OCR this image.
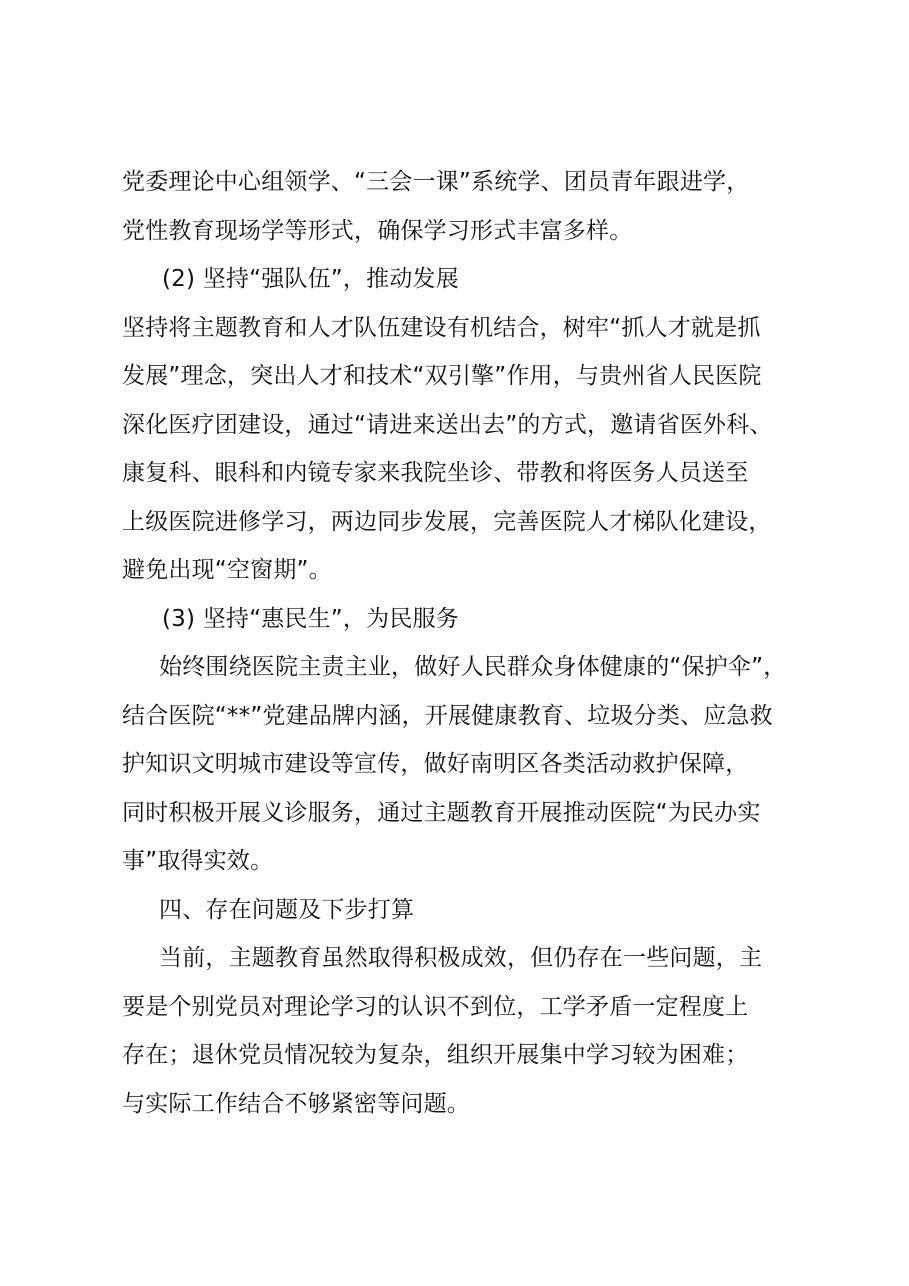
党委理论中心组领学、“三会一课”系统学、团员青年跟进学，
党性教育现场学等形式，确保学习形式丰富多样。
(2) 坚持“强队伍”，推动发展
坚持将主题教育和人才队伍建设有机结合，树牢“抓人才就是抓
发展”理念，突出人才和技术“双引擎”作用，与贵州省人民医院
深化医疗团建设，通过“请进来送出去”的方式，邀请省医外科、
康复科、眼科和内镜专家来我院坐诊、带教和将医务人员送至
上级医院进修学习，两边同步发展，完善医院人才梯队化建设，
避免出现“空窗期”。
(3) 坚持“惠民生”，为民服务
始终围绕医院主责主业，做好人民群众身体健康的“保护伞”，
结合医院“**”党建品牌内涵，开展健康教育、垃圾分类、应急救
护知识文明城市建设等宣传，做好南明区各类活动救护保障，
同时积极开展义诊服务，通过主题教育开展推动医院“为民办实
事”取得实效。
四、存在问题及下步打算
当前，主题教育虽然取得积极成效，但仍存在一些问题，主
要是个别党员对理论学习的认识不到位，工学矛盾一定程度上
存在；退休党员情况较为复杂，组织开展集中学习较为困难；
与实际工作结合不够紧密等问题。
